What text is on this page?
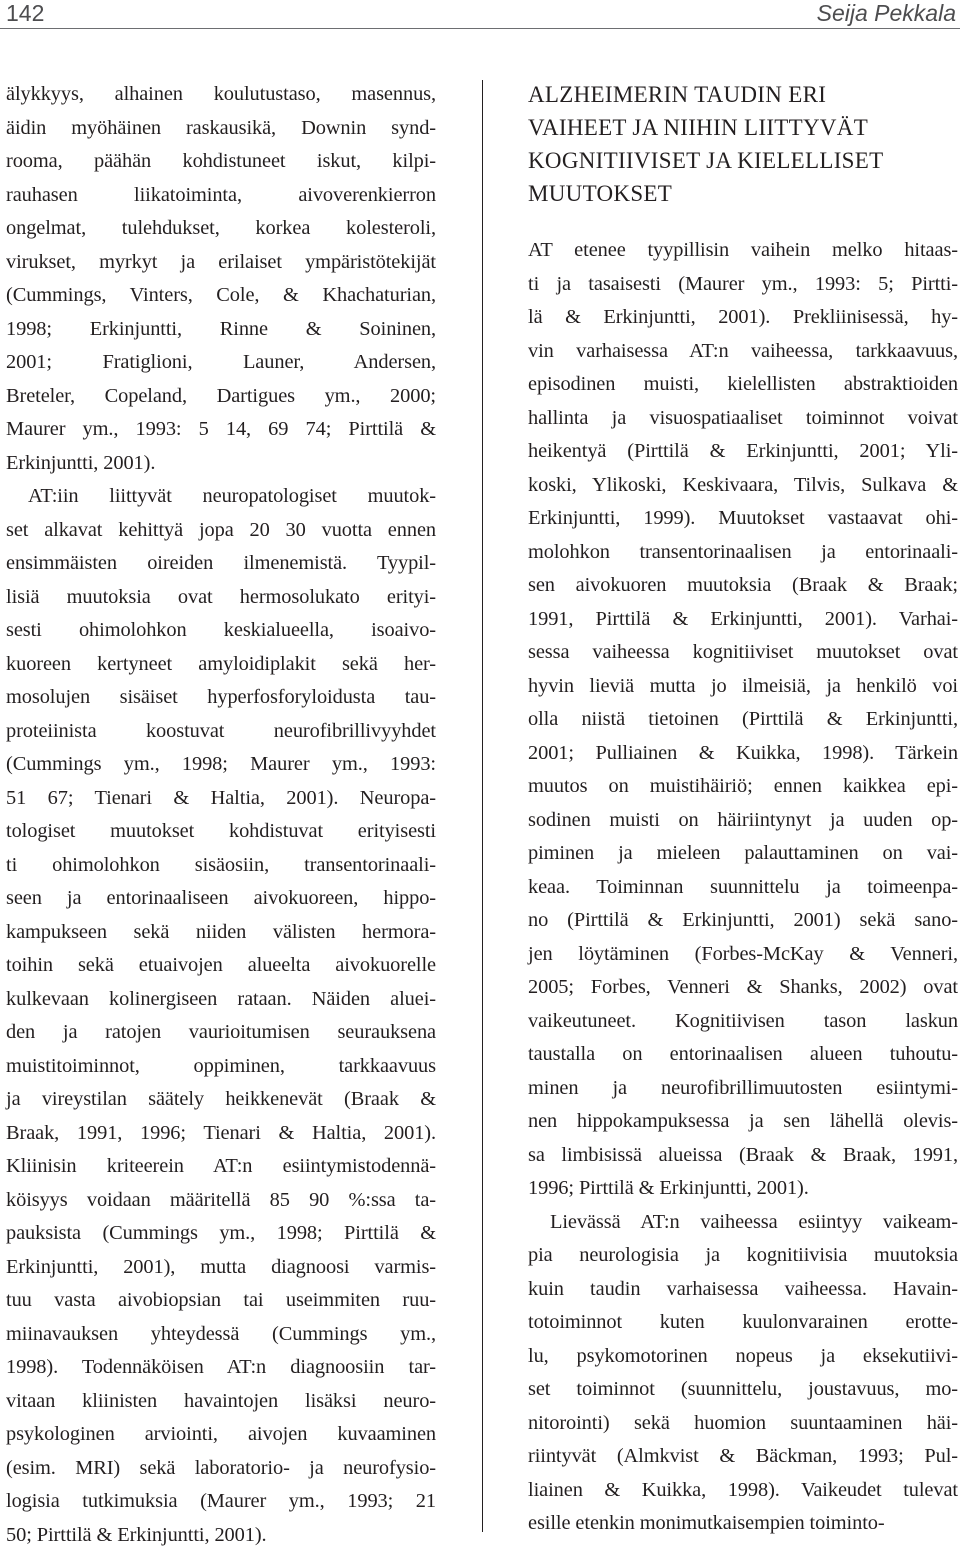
142	Seija Pekkala
älykkyys, alhainen koulutustaso, masennus,
äidin myöhäinen raskausikä, Downin synd-
rooma, päähän kohdistuneet iskut, kilpi-
rauhasen liikatoiminta, aivoverenkierron
ongelmat, tulehdukset, korkea kolesteroli,
virukset, myrkyt ja erilaiset ympäristötekijät
(Cummings, Vinters, Cole, & Khachaturian,
1998; Erkinjuntti, Rinne & Soininen,
2001; Fratiglioni, Launer, Andersen,
Breteler, Copeland, Dartigues ym., 2000;
Maurer ym., 1993: 5 14, 69 74; Pirttilä &
Erkinjuntti, 2001).
AT:iin liittyvät neuropatologiset muutok-
set alkavat kehittyä jopa 20 30 vuotta ennen
ensimmäisten oireiden ilmenemistä. Tyypil-
lisiä muutoksia ovat hermosolukato erityi-
sesti ohimolohkon keskialueella, isoaivo-
kuoreen kertyneet amyloidiplakit sekä her-
mosolujen sisäiset hyperfosforyloidusta tau-
proteiinista koostuvat neurofibrillivyyhdet
(Cummings ym., 1998; Maurer ym., 1993:
51 67; Tienari & Haltia, 2001). Neuropa-
tologiset muutokset kohdistuvat erityisesti
ti ohimolohkon sisäosiin, transentorinaali-
seen ja entorinaaliseen aivokuoreen, hippo-
kampukseen sekä niiden välisten hermora-
toihin sekä etuaivojen alueelta aivokuorelle
kulkevaan kolinergiseen rataan. Näiden aluei-
den ja ratojen vaurioitumisen seurauksena
muistitoiminnot, oppiminen, tarkkaavuus
ja vireystilan säätely heikkenevät (Braak &
Braak, 1991, 1996; Tienari & Haltia, 2001).
Kliinisin kriteerein AT:n esiintymistodennä-
köisyys voidaan määritellä 85 90 %:ssa ta-
pauksista (Cummings ym., 1998; Pirttilä &
Erkinjuntti, 2001), mutta diagnoosi varmis-
tuu vasta aivobiopsian tai useimmiten ruu-
miinavauksen yhteydessä (Cummings ym.,
1998). Todennäköisen AT:n diagnoosiin tar-
vitaan kliinisten havaintojen lisäksi neuro-
psykologinen arviointi, aivojen kuvaaminen
(esim. MRI) sekä laboratorio- ja neurofysio-
logisia tutkimuksia (Maurer ym., 1993; 21
50; Pirttilä & Erkinjuntti, 2001).
ALZHEIMERIN TAUDIN ERI
VAIHEET JA NIIHIN LIITTYVÄT
KOGNITIIVISET JA KIELELLISET
MUUTOKSET
AT etenee tyypillisin vaihein melko hitaas-
ti ja tasaisesti (Maurer ym., 1993: 5; Pirtti-
lä & Erkinjuntti, 2001). Prekliinisessä, hy-
vin varhaisessa AT:n vaiheessa, tarkkaavuus,
episodinen muisti, kielellisten abstraktioiden
hallinta ja visuospatiaaliset toiminnot voivat
heikentyä (Pirttilä & Erkinjuntti, 2001; Yli-
koski, Ylikoski, Keskivaara, Tilvis, Sulkava &
Erkinjuntti, 1999). Muutokset vastaavat ohi-
molohkon transentorinaalisen ja entorinaali-
sen aivokuoren muutoksia (Braak & Braak;
1991, Pirttilä & Erkinjuntti, 2001). Varhai-
sessa vaiheessa kognitiiviset muutokset ovat
hyvin lieviä mutta jo ilmeisiä, ja henkilö voi
olla niistä tietoinen (Pirttilä & Erkinjuntti,
2001; Pulliainen & Kuikka, 1998). Tärkein
muutos on muistihäiriö; ennen kaikkea epi-
sodinen muisti on häiriintynyt ja uuden op-
piminen ja mieleen palauttaminen on vai-
keaa. Toiminnan suunnittelu ja toimeenpa-
no (Pirttilä & Erkinjuntti, 2001) sekä sano-
jen löytäminen (Forbes-McKay & Venneri,
2005; Forbes, Venneri & Shanks, 2002) ovat
vaikeutuneet. Kognitiivisen tason laskun
taustalla on entorinaalisen alueen tuhoutu-
minen ja neurofibrillimuutosten esiintymi-
nen hippokampuksessa ja sen lähellä olevis-
sa limbisissä alueissa (Braak & Braak, 1991,
1996; Pirttilä & Erkinjuntti, 2001).
Lievässä AT:n vaiheessa esiintyy vaikeam-
pia neurologisia ja kognitiivisia muutoksia
kuin taudin varhaisessa vaiheessa. Havain-
totoiminnot kuten kuulonvarainen erotte-
lu, psykomotorinen nopeus ja eksekutiivi-
set toiminnot (suunnittelu, joustavuus, mo-
nitorointi) sekä huomion suuntaaminen häi-
riintyvät (Almkvist & Bäckman, 1993; Pul-
liainen & Kuikka, 1998). Vaikeudet tulevat
esille etenkin monimutkaisempien toiminto-
